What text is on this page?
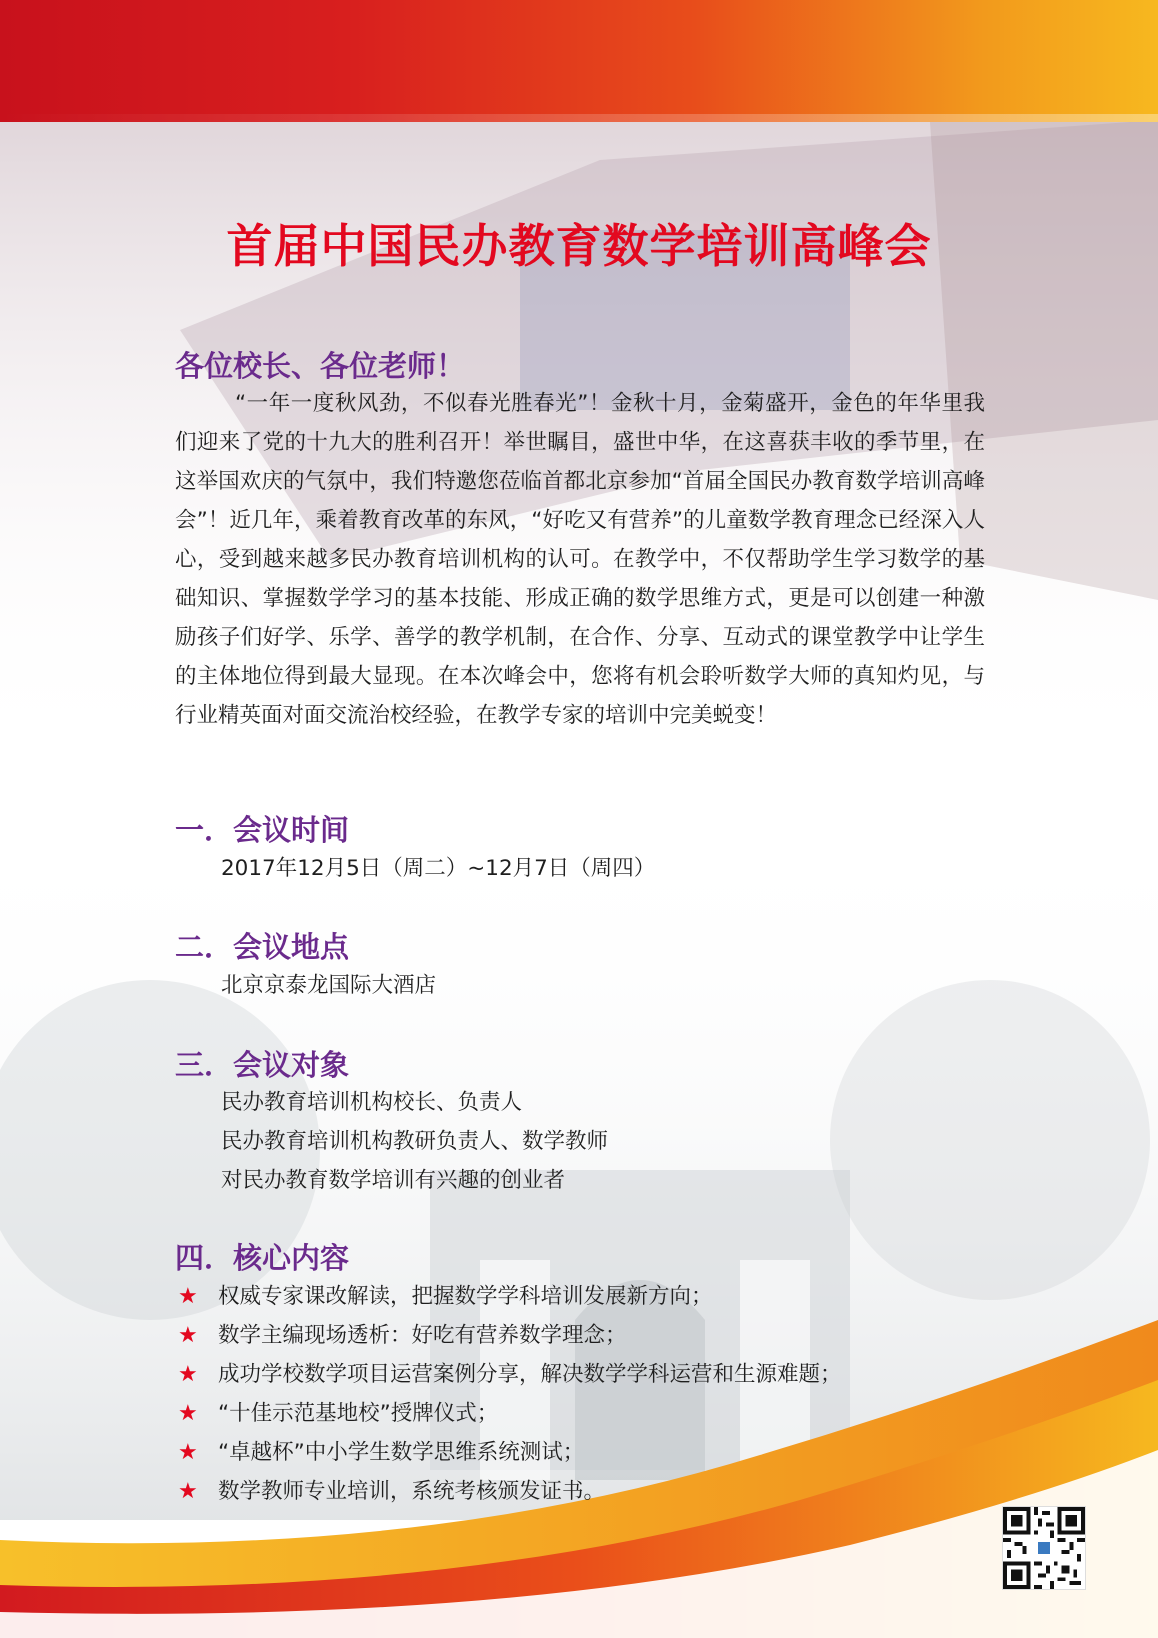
首届中国民办教育数学培训高峰会
各位校长、各位老师！

“一年一度秋风劲，不似春光胜春光”！金秋十月，金菊盛开，金色的年华里我们迎来了党的十九大的胜利召开！举世瞩目，盛世中华，在这喜获丰收的季节里，在这举国欢庆的气氛中，我们特邀您莅临首都北京参加“首届全国民办教育数学培训高峰会”！近几年，乘着教育改革的东风，“好吃又有营养”的儿童数学教育理念已经深入人心，受到越来越多民办教育培训机构的认可。在教学中，不仅帮助学生学习数学的基础知识、掌握数学学习的基本技能、形成正确的数学思维方式，更是可以创建一种激励孩子们好学、乐学、善学的教学机制，在合作、分享、互动式的课堂教学中让学生的主体地位得到最大显现。在本次峰会中，您将有机会聆听数学大师的真知灼见，与行业精英面对面交流治校经验，在教学专家的培训中完美蜕变！

一．会议时间
2017年12月5日（周二）~12月7日（周四）
二．会议地点
北京京泰龙国际大酒店
三．会议对象
民办教育培训机构校长、负责人
民办教育培训机构教研负责人、数学教师
对民办教育数学培训有兴趣的创业者
四．核心内容
★ 权威专家课改解读，把握数学学科培训发展新方向；
★ 数学主编现场透析：好吃有营养数学理念；
★ 成功学校数学项目运营案例分享，解决数学学科运营和生源难题；
★ “十佳示范基地校”授牌仪式；
★ “卓越杯”中小学生数学思维系统测试；
★ 数学教师专业培训，系统考核颁发证书。
